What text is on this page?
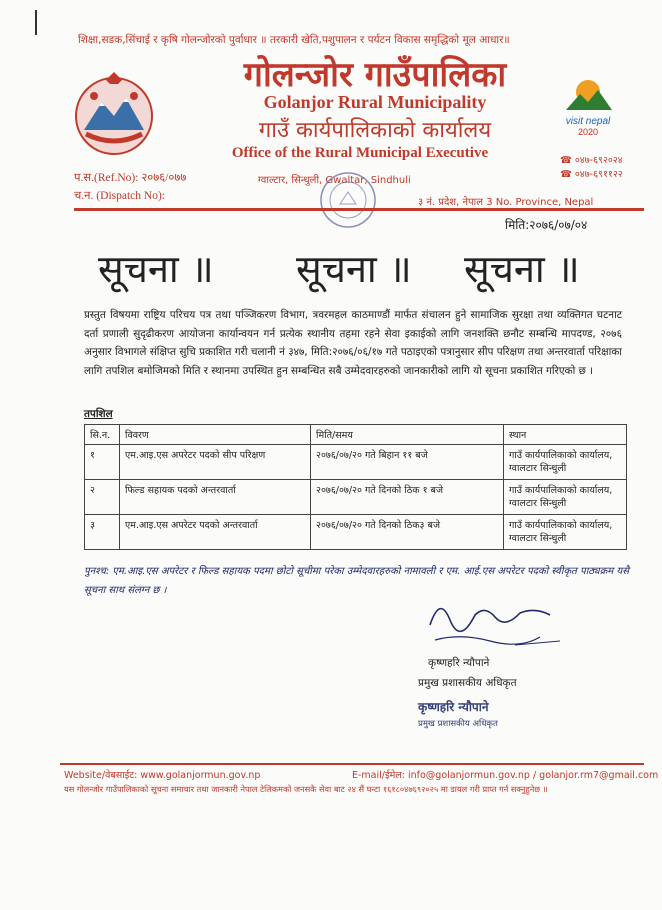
शिक्षा,सडक,सिंचाई र कृषि गोलन्जोरको पुर्वाधार ॥ तरकारी खेति,पशुपालन र पर्यटन विकास समृद्धिको मूल आधार॥
गोलन्जोर गाउँपालिका
Golanjor Rural Municipality
गाउँ कार्यपालिकाको कार्यालय
Office of the Rural Municipal Executive
visit nepal
2020
☎ ०४७-६९२०२४
☎ ०४७-६९११२२
प.स.(Ref.No): २०७६/०७७
च.न. (Dispatch No):
ग्वाल्टार, सिन्धुली, Gwaltar, Sindhuli
३ नं. प्रदेश, नेपाल 3 No. Province, Nepal
मिति:२०७६/०७/०४
सूचना ॥ सूचना ॥ सूचना ॥
प्रस्तुत विषयमा राष्ट्रिय परिचय पत्र तथा पञ्जिकरण विभाग, त्रवरमहल काठमाण्डौं मार्फत संचालन हुने सामाजिक सुरक्षा तथा व्यक्तिगत घटनाट दर्ता प्रणाली सुदृढीकरण आयोजना कार्यान्वयन गर्न प्रत्येक स्थानीय तहमा रहने सेवा इकाईको लागि जनशक्ति छनौट सम्बन्धि मापदण्ड, २०७६ अनुसार विभागले संक्षिप्त सुचि प्रकाशित गरी चलानी नं ३४७, मिति:२०७६/०६/१७ गते पठाइएको पत्रानुसार सीप परिक्षण तथा अन्तरवार्ता परिक्षाका लागि तपशिल बमोजिमको मिति र स्थानमा उपस्थित हुन सम्बन्धित सबै उम्मेदवारहरुको जानकारीको लागि यो सूचना प्रकाशित गरिएको छ ।
तपशिल
सि.न.	विवरण	मिति/समय	स्थान
१	एम.आइ.एस अपरेटर पदको सीप परिक्षण	२०७६/०७/२० गते बिहान ११ बजे	गाउँ कार्यपालिकाको कार्यालय, ग्वालटार सिन्धुली
२	फिल्ड सहायक पदको अन्तरवार्ता	२०७६/०७/२० गते दिनको ठिक १ बजे	गाउँ कार्यपालिकाको कार्यालय, ग्वालटार सिन्धुली
३	एम.आइ.एस अपरेटर पदको अन्तरवार्ता	२०७६/०७/२० गते दिनको ठिक३ बजे	गाउँ कार्यपालिकाको कार्यालय, ग्वालटार सिन्धुली
पुनश्च: एम.आइ.एस अपरेटर र फिल्ड सहायक पदमा छोटो सूचीमा परेका उम्मेदवारहरुको नामावली र एम. आई.एस अपरेटर पदको स्वीकृत पाठ्यक्रम यसै सूचना साथ संलग्न छ ।
कृष्णहरि न्यौपाने
प्रमुख प्रशासकीय अधिकृत
कृष्णहरि न्यौपाने
प्रमुख प्रशासकीय अधिकृत
Website/वेबसाईट: www.golanjormun.gov.np	E-mail/ईमेल: info@golanjormun.gov.np / golanjor.rm7@gmail.com
यस गोलन्जोर गाउँपालिकाको सूचना समाचार तथा जानकारी नेपाल टेलिकमको जनसकै सेवा बाट २४ सैं घन्टा १६१८०४७६९२०२५ मा डायल गरी प्राप्त गर्न सक्नुहुनेछ ॥
